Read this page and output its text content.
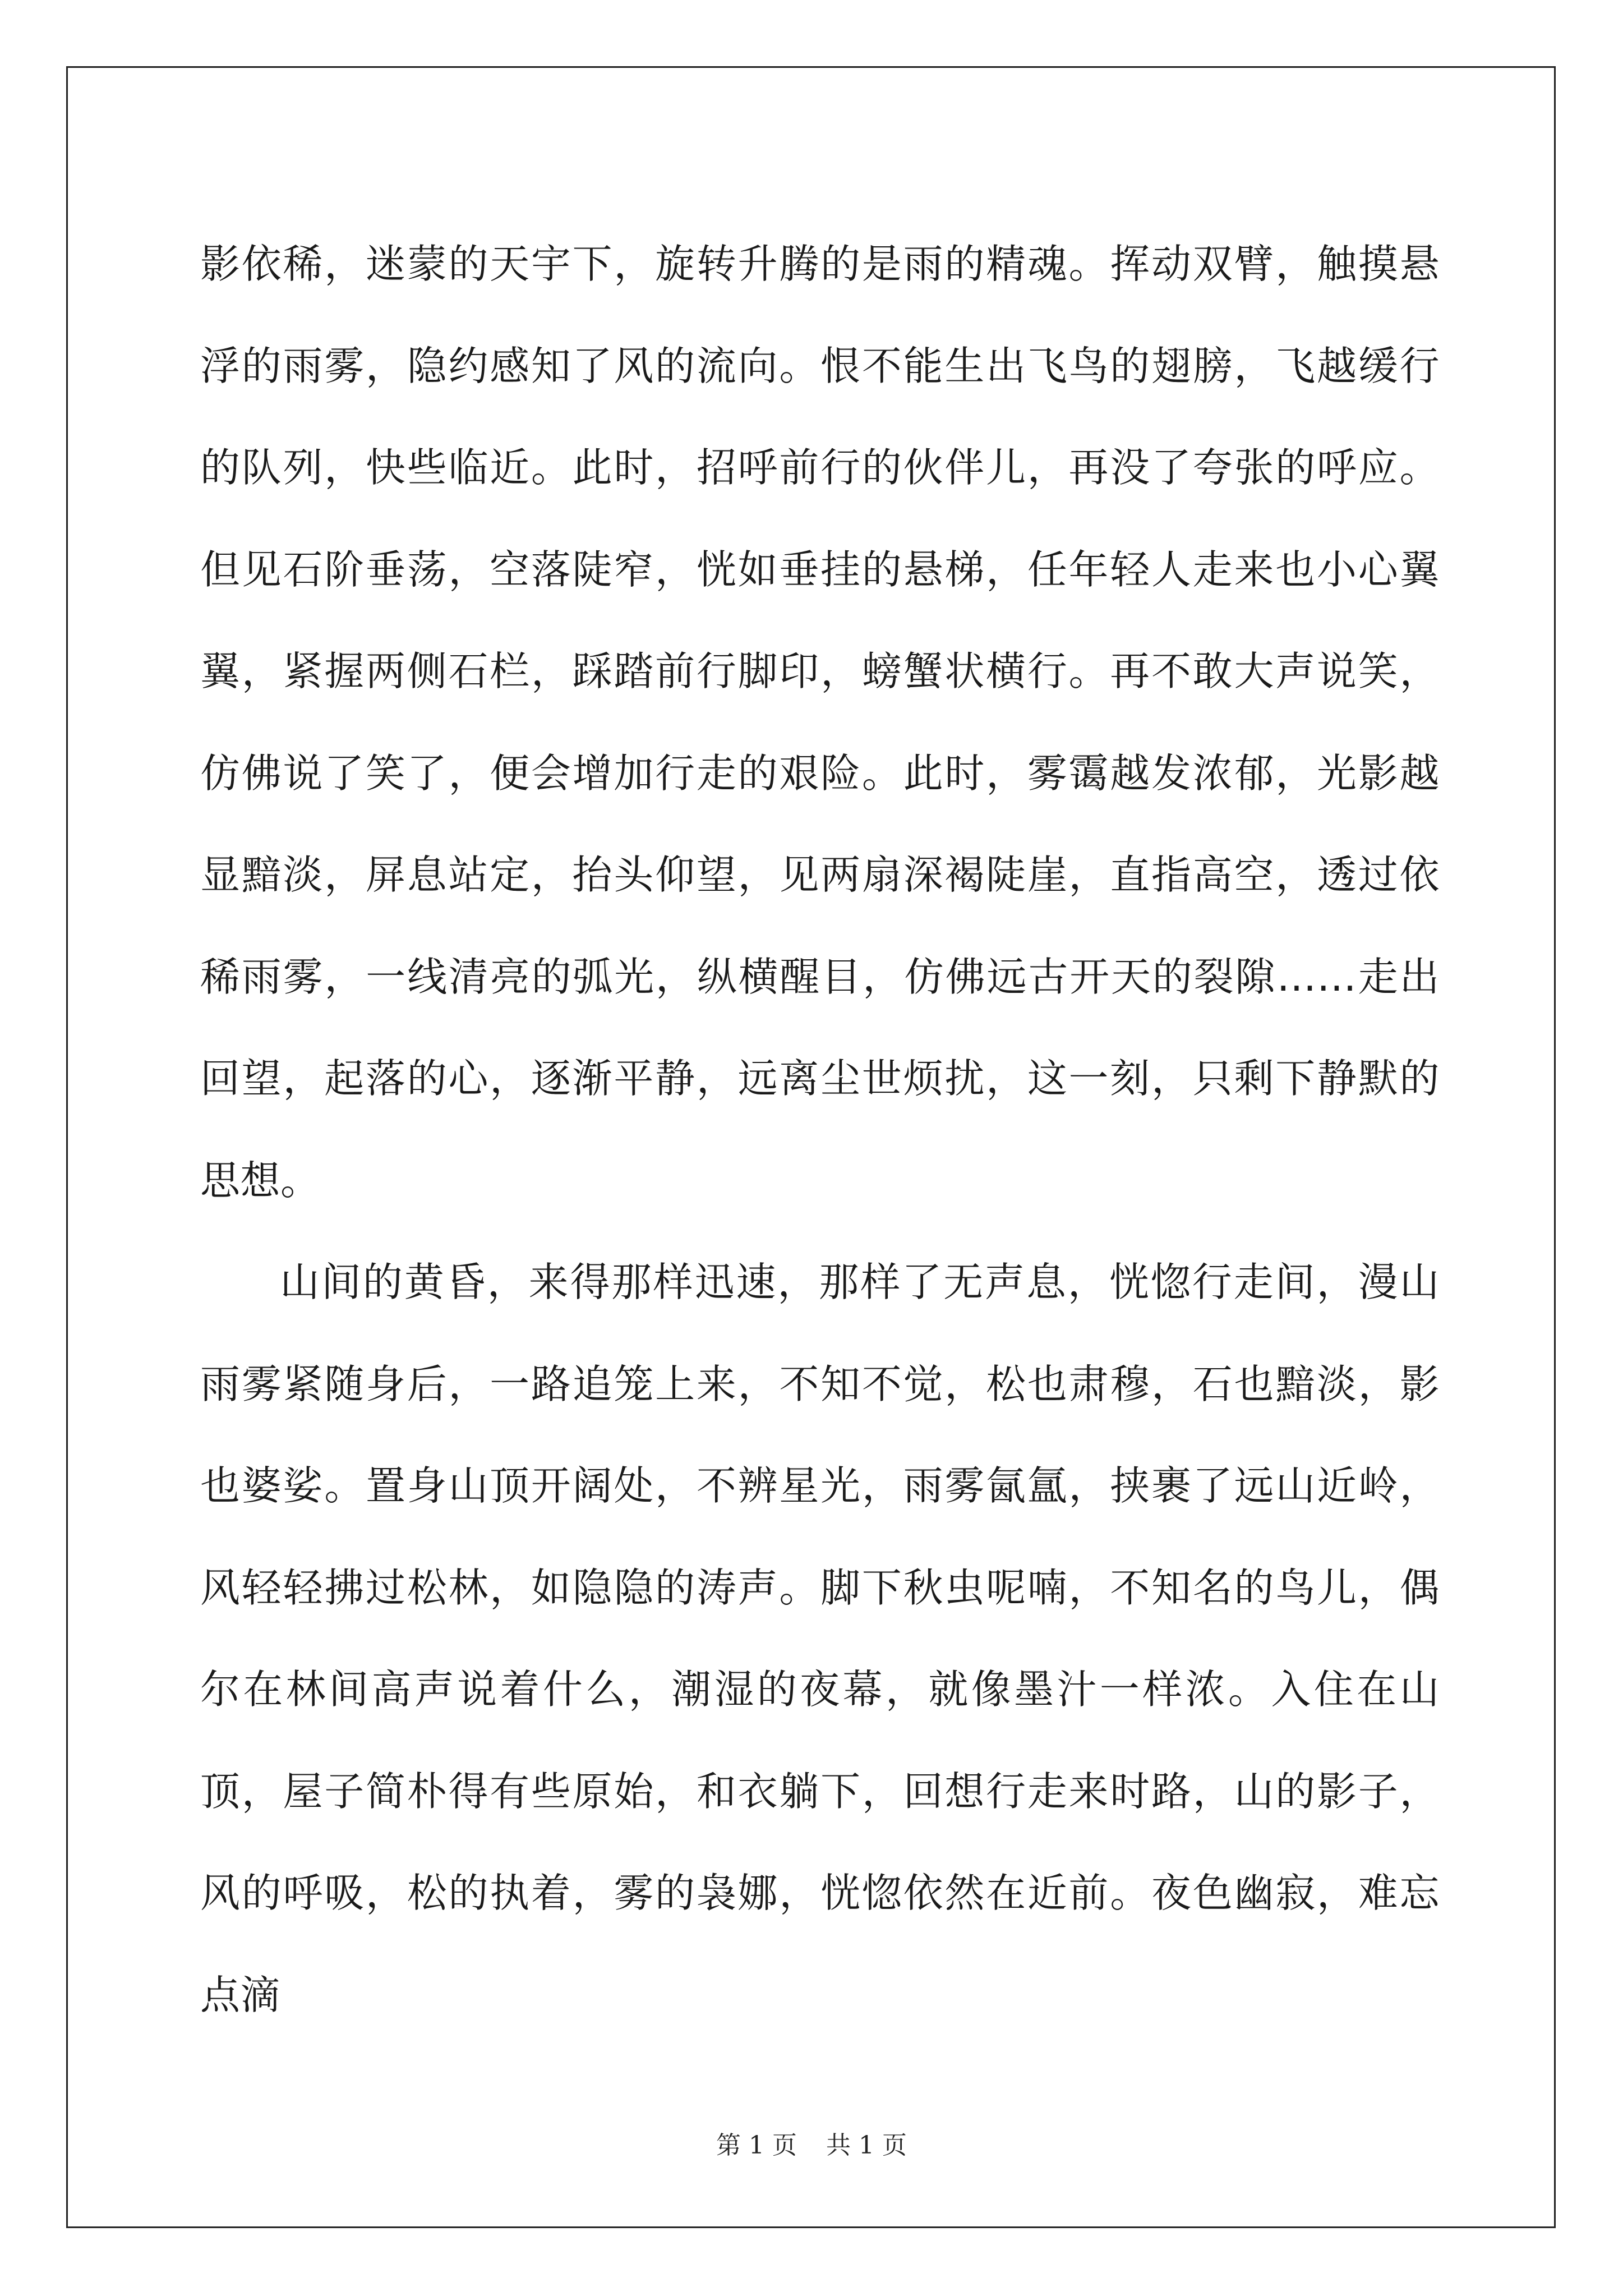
影依稀，迷蒙的天宇下，旋转升腾的是雨的精魂。挥动双臂，触摸悬浮的雨雾，隐约感知了风的流向。恨不能生出飞鸟的翅膀，飞越缓行的队列，快些临近。此时，招呼前行的伙伴儿，再没了夸张的呼应。但见石阶垂荡，空落陡窄，恍如垂挂的悬梯，任年轻人走来也小心翼翼，紧握两侧石栏，踩踏前行脚印，螃蟹状横行。再不敢大声说笑，仿佛说了笑了，便会增加行走的艰险。此时，雾霭越发浓郁，光影越显黯淡，屏息站定，抬头仰望，见两扇深褐陡崖，直指高空，透过依稀雨雾，一线清亮的弧光，纵横醒目，仿佛远古开天的裂隙……走出回望，起落的心，逐渐平静，远离尘世烦扰，这一刻，只剩下静默的思想。

山间的黄昏，来得那样迅速，那样了无声息，恍惚行走间，漫山雨雾紧随身后，一路追笼上来，不知不觉，松也肃穆，石也黯淡，影也婆娑。置身山顶开阔处，不辨星光，雨雾氤氲，挟裹了远山近岭，风轻轻拂过松林，如隐隐的涛声。脚下秋虫呢喃，不知名的鸟儿，偶尔在林间高声说着什么，潮湿的夜幕，就像墨汁一样浓。入住在山顶，屋子简朴得有些原始，和衣躺下，回想行走来时路，山的影子，风的呼吸，松的执着，雾的袅娜，恍惚依然在近前。夜色幽寂，难忘点滴

第 1 页 共 1 页
